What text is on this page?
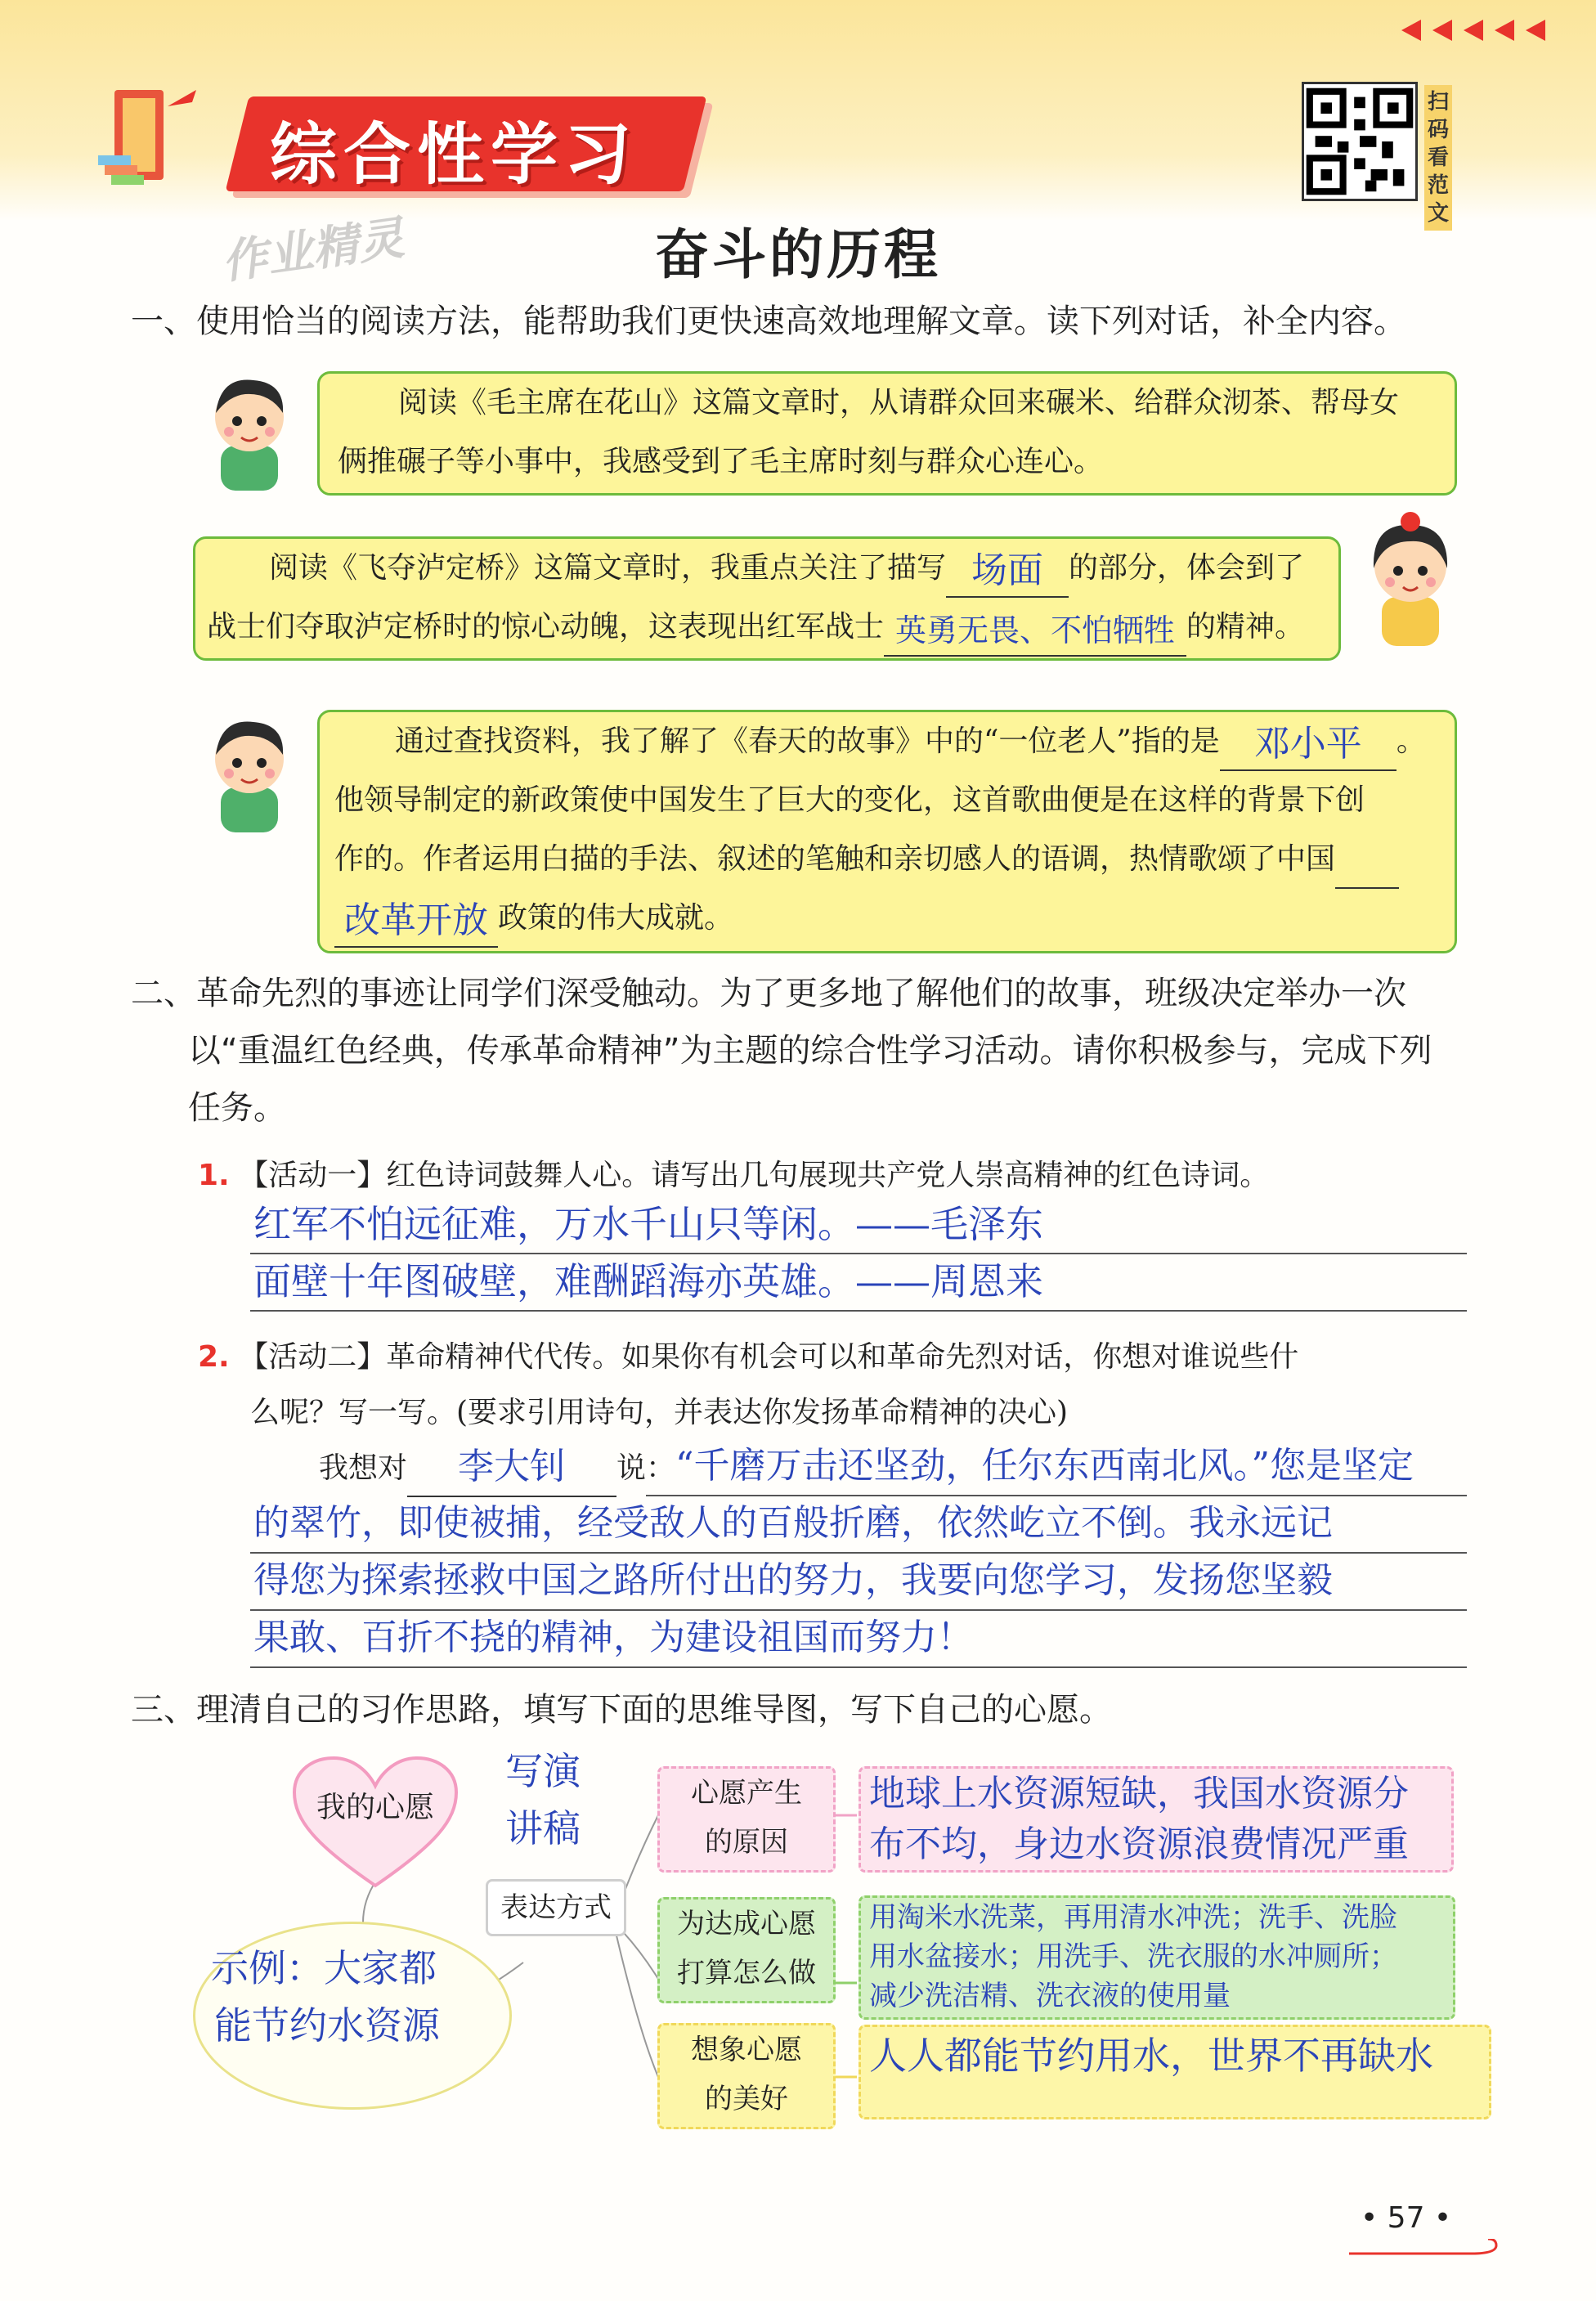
综合性学习
扫码看范文
作业精灵	奋斗的历程
一、使用恰当的阅读方法，能帮助我们更快速高效地理解文章。读下列对话，补全内容。
阅读《毛主席在花山》这篇文章时，从请群众回来碾米、给群众沏茶、帮母女
俩推碾子等小事中，我感受到了毛主席时刻与群众心连心。
阅读《飞夺泸定桥》这篇文章时，我重点关注了描写 场面 的部分，体会到了
战士们夺取泸定桥时的惊心动魄，这表现出红军战士 英勇无畏、不怕牺牲 的精神。
通过查找资料，我了解了《春天的故事》中的“一位老人”指的是 邓小平 。
他领导制定的新政策使中国发生了巨大的变化，这首歌曲便是在这样的背景下创
作的。作者运用白描的手法、叙述的笔触和亲切感人的语调，热情歌颂了中国
改革开放 政策的伟大成就。
二、革命先烈的事迹让同学们深受触动。为了更多地了解他们的故事，班级决定举办一次
以“重温红色经典，传承革命精神”为主题的综合性学习活动。请你积极参与，完成下列
任务。
1. 【活动一】红色诗词鼓舞人心。请写出几句展现共产党人崇高精神的红色诗词。
红军不怕远征难，万水千山只等闲。——毛泽东
面壁十年图破壁，难酬蹈海亦英雄。——周恩来
2. 【活动二】革命精神代代传。如果你有机会可以和革命先烈对话，你想对谁说些什
么呢？写一写。(要求引用诗句，并表达你发扬革命精神的决心)
我想对 李大钊 说：“千磨万击还坚劲，任尔东西南北风。”您是坚定
的翠竹，即使被捕，经受敌人的百般折磨，依然屹立不倒。我永远记
得您为探索拯救中国之路所付出的努力，我要向您学习，发扬您坚毅
果敢、百折不挠的精神，为建设祖国而努力！
三、理清自己的习作思路，填写下面的思维导图，写下自己的心愿。
我的心愿
写演
讲稿
表达方式
示例：大家都
能节约水资源
心愿产生
的原因
地球上水资源短缺，我国水资源分
布不均，身边水资源浪费情况严重
为达成心愿
打算怎么做
用淘米水洗菜，再用清水冲洗；洗手、洗脸
用水盆接水；用洗手、洗衣服的水冲厕所；
减少洗洁精、洗衣液的使用量
想象心愿
的美好
人人都能节约用水，世界不再缺水
• 57 •
